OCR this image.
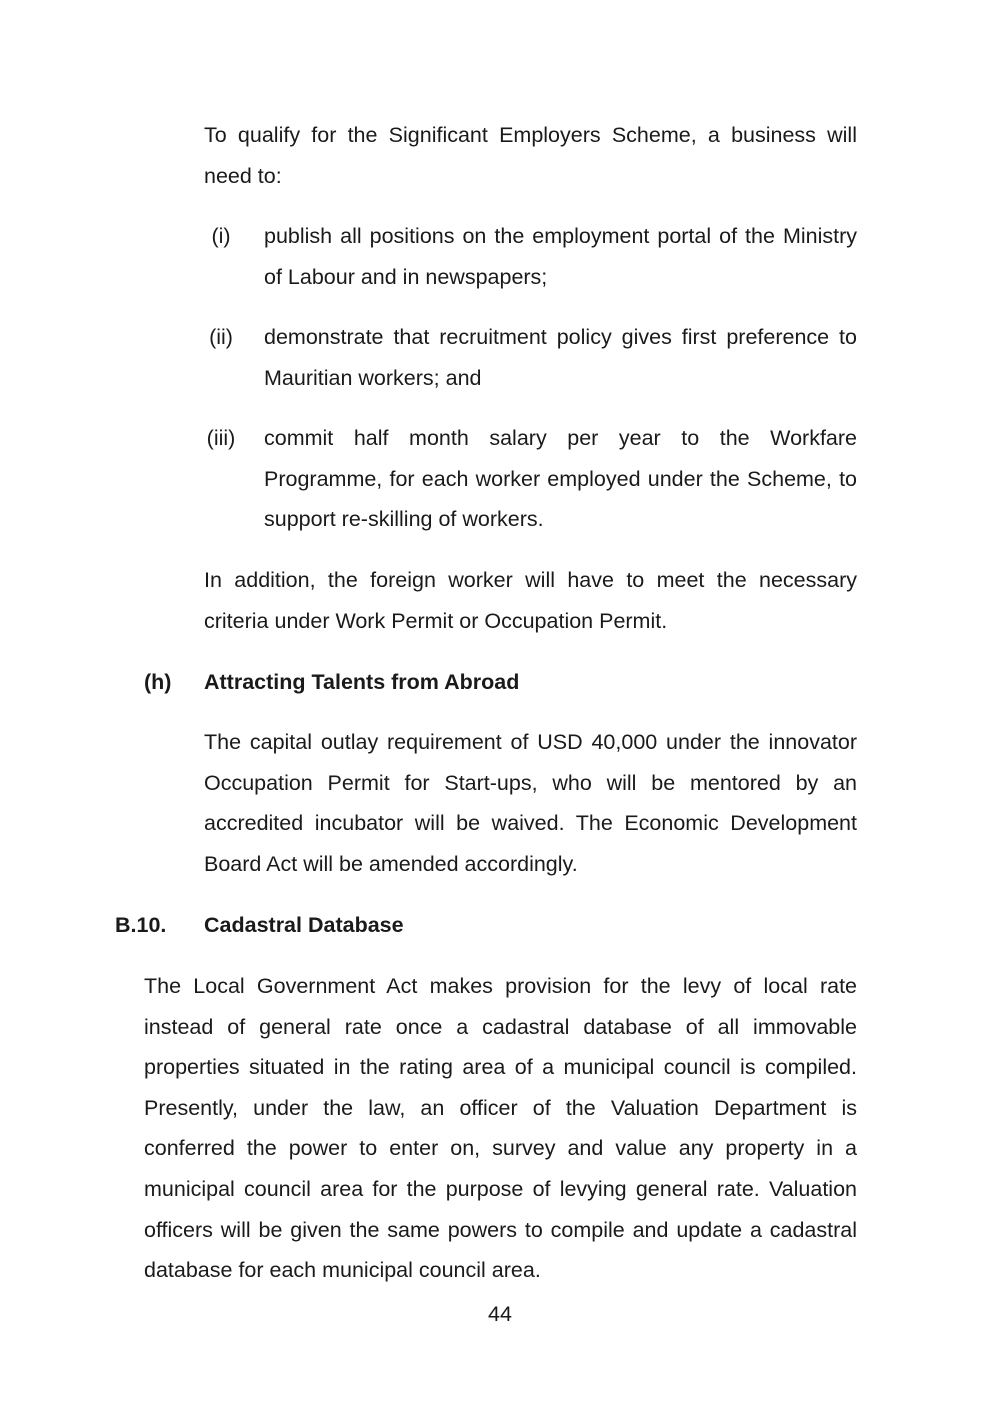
To qualify for the Significant Employers Scheme, a business will need to:

(i)	publish all positions on the employment portal of the Ministry of Labour and in newspapers;

(ii)	demonstrate that recruitment policy gives first preference to Mauritian workers; and

(iii)	commit half month salary per year to the Workfare Programme, for each worker employed under the Scheme, to support re-skilling of workers.

In addition, the foreign worker will have to meet the necessary criteria under Work Permit or Occupation Permit.

(h) Attracting Talents from Abroad

The capital outlay requirement of USD 40,000 under the innovator Occupation Permit for Start-ups, who will be mentored by an accredited incubator will be waived. The Economic Development Board Act will be amended accordingly.

B.10. Cadastral Database

The Local Government Act makes provision for the levy of local rate instead of general rate once a cadastral database of all immovable properties situated in the rating area of a municipal council is compiled. Presently, under the law, an officer of the Valuation Department is conferred the power to enter on, survey and value any property in a municipal council area for the purpose of levying general rate. Valuation officers will be given the same powers to compile and update a cadastral database for each municipal council area.

44
